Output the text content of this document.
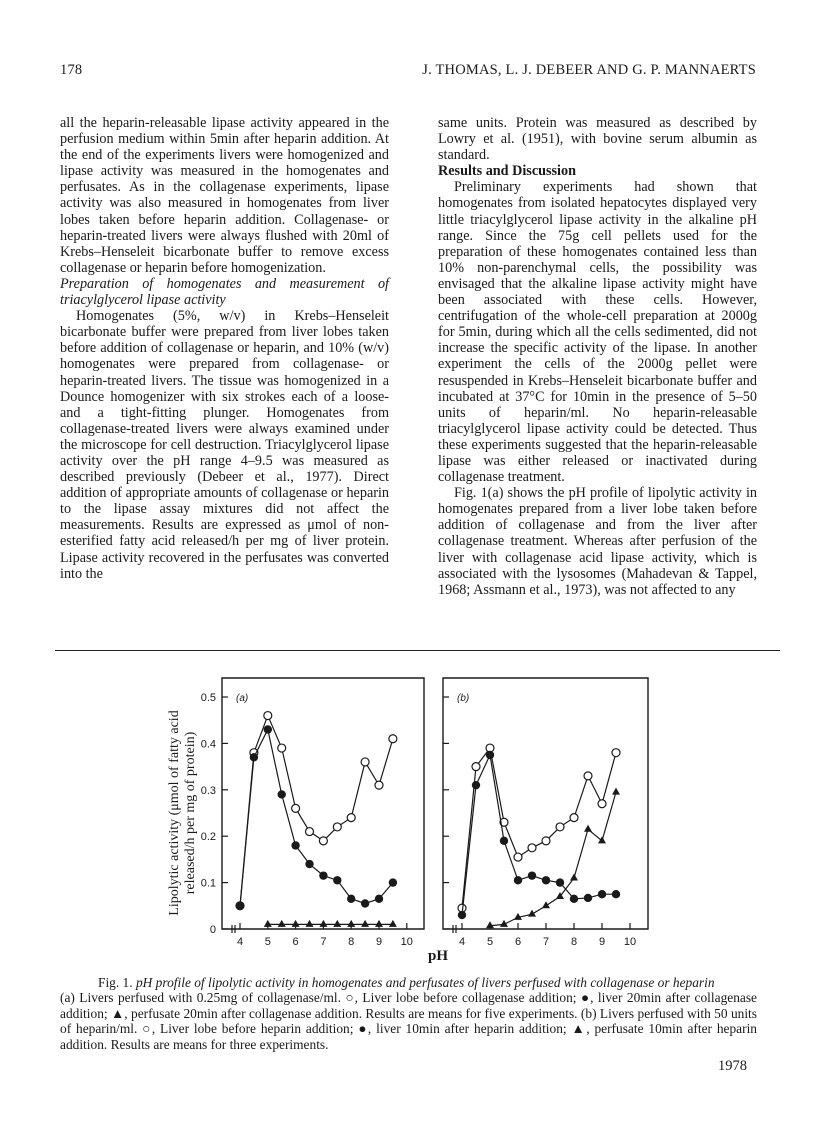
178	J. THOMAS, L. J. DEBEER AND G. P. MANNAERTS

all the heparin-releasable lipase activity appeared in the perfusion medium within 5min after heparin addition. At the end of the experiments livers were homogenized and lipase activity was measured in the homogenates and perfusates. As in the collagenase experiments, lipase activity was also measured in homogenates from liver lobes taken before heparin addition. Collagenase- or heparin-treated livers were always flushed with 20ml of Krebs–Henseleit bicarbonate buffer to remove excess collagenase or heparin before homogenization.

Preparation of homogenates and measurement of triacylglycerol lipase activity

Homogenates (5%, w/v) in Krebs–Henseleit bicarbonate buffer were prepared from liver lobes taken before addition of collagenase or heparin, and 10% (w/v) homogenates were prepared from collagenase- or heparin-treated livers. The tissue was homogenized in a Dounce homogenizer with six strokes each of a loose- and a tight-fitting plunger. Homogenates from collagenase-treated livers were always examined under the microscope for cell destruction. Triacylglycerol lipase activity over the pH range 4–9.5 was measured as described previously (Debeer et al., 1977). Direct addition of appropriate amounts of collagenase or heparin to the lipase assay mixtures did not affect the measurements. Results are expressed as μmol of non-esterified fatty acid released/h per mg of liver protein. Lipase activity recovered in the perfusates was converted into the

same units. Protein was measured as described by Lowry et al. (1951), with bovine serum albumin as standard.

Results and Discussion

Preliminary experiments had shown that homogenates from isolated hepatocytes displayed very little triacylglycerol lipase activity in the alkaline pH range. Since the 75g cell pellets used for the preparation of these homogenates contained less than 10% non-parenchymal cells, the possibility was envisaged that the alkaline lipase activity might have been associated with these cells. However, centrifugation of the whole-cell preparation at 2000g for 5min, during which all the cells sedimented, did not increase the specific activity of the lipase. In another experiment the cells of the 2000g pellet were resuspended in Krebs–Henseleit bicarbonate buffer and incubated at 37°C for 10min in the presence of 5–50 units of heparin/ml. No heparin-releasable triacylglycerol lipase activity could be detected. Thus these experiments suggested that the heparin-releasable lipase was either released or inactivated during collagenase treatment.

Fig. 1(a) shows the pH profile of lipolytic activity in homogenates prepared from a liver lobe taken before addition of collagenase and from the liver after collagenase treatment. Whereas after perfusion of the liver with collagenase acid lipase activity, which is associated with the lysosomes (Mahadevan & Tappel, 1968; Assmann et al., 1973), was not affected to any

Lipolytic activity (μmol of fatty acid released/h per mg of protein)
0
0.1
0.2
0.3
0.4
0.5
4 5 6 7 8 9 10
(a)
4 5 6 7 8 9 10
(b)
pH

Fig. 1. pH profile of lipolytic activity in homogenates and perfusates of livers perfused with collagenase or heparin

(a) Livers perfused with 0.25mg of collagenase/ml. ○, Liver lobe before collagenase addition; ●, liver 20min after collagenase addition; ▲, perfusate 20min after collagenase addition. Results are means for five experiments. (b) Livers perfused with 50 units of heparin/ml. ○, Liver lobe before heparin addition; ●, liver 10min after heparin addition; ▲, perfusate 10min after heparin addition. Results are means for three experiments.

1978
